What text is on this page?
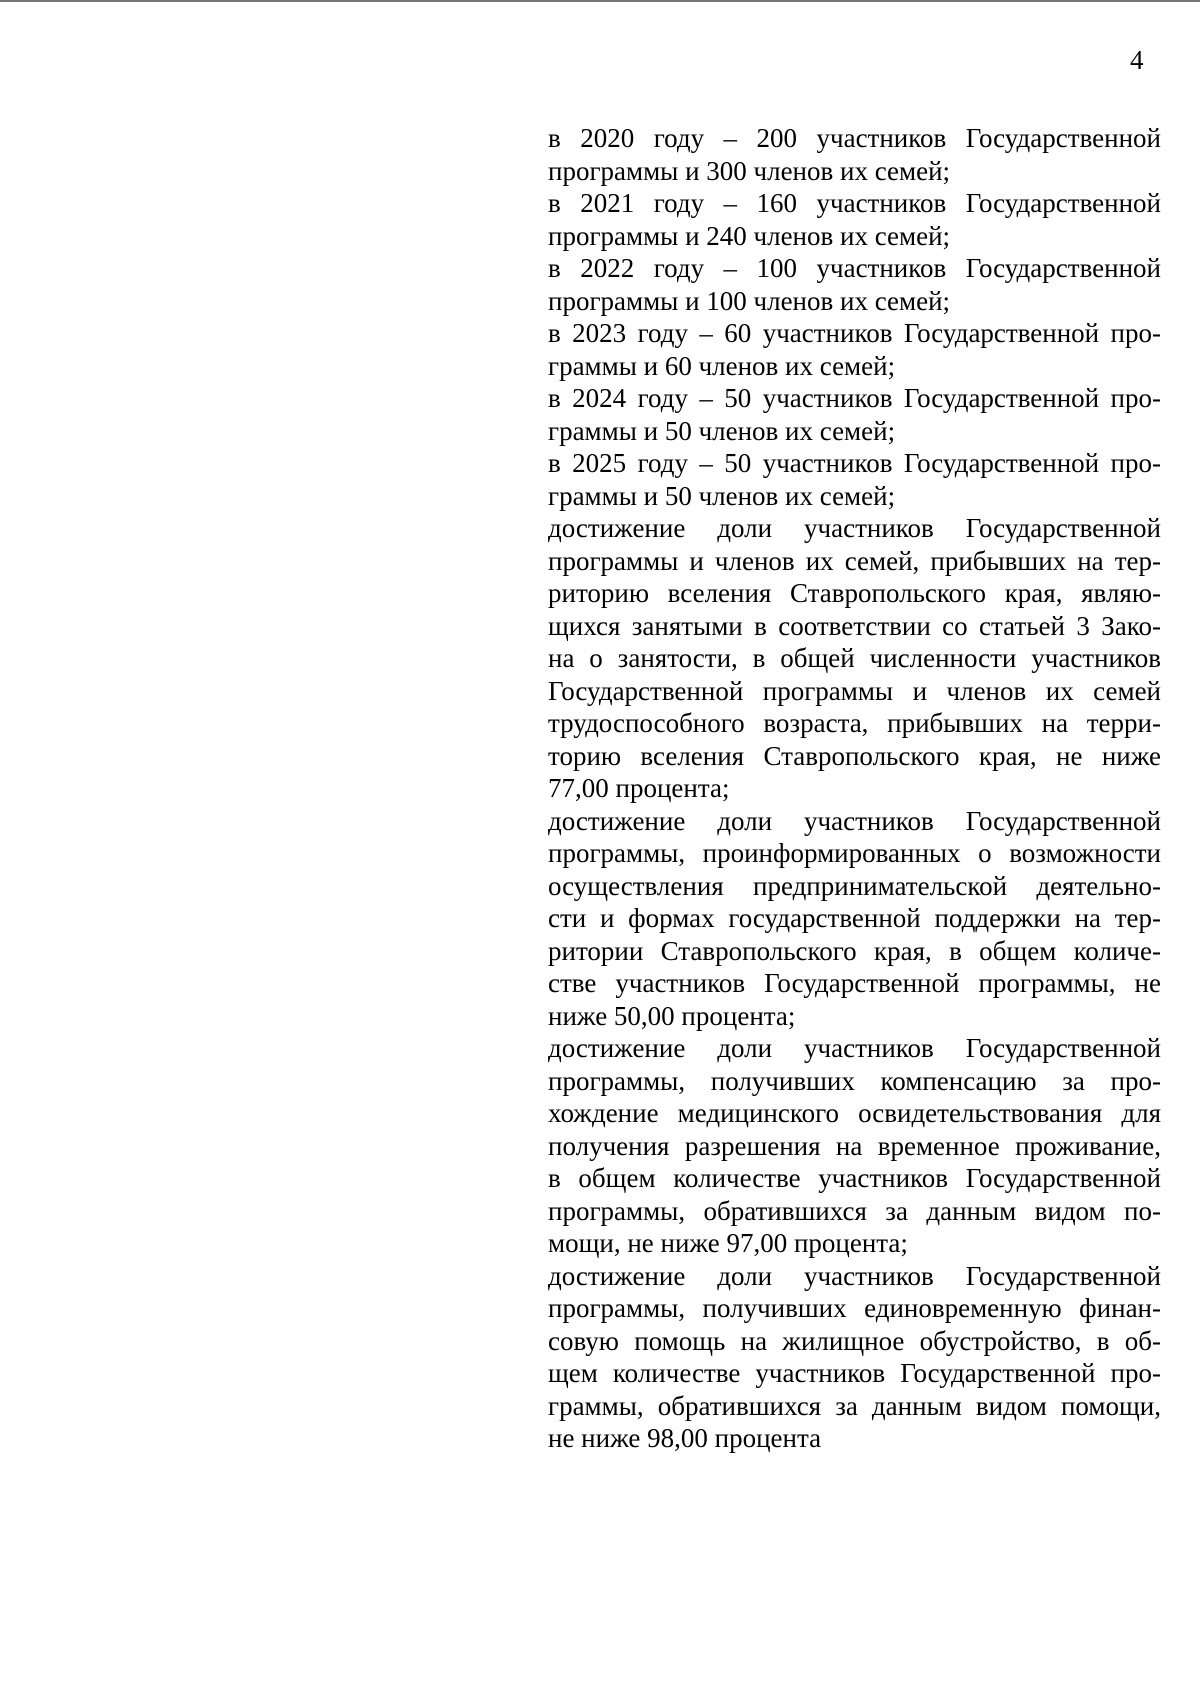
4
в 2020 году – 200 участников Государственной
программы и 300 членов их семей;
в 2021 году – 160 участников Государственной
программы и 240 членов их семей;
в 2022 году – 100 участников Государственной
программы и 100 членов их семей;
в 2023 году – 60 участников Государственной про-
граммы и 60 членов их семей;
в 2024 году – 50 участников Государственной про-
граммы и 50 членов их семей;
в 2025 году – 50 участников Государственной про-
граммы и 50 членов их семей;
достижение доли участников Государственной
программы и членов их семей, прибывших на тер-
риторию вселения Ставропольского края, являю-
щихся занятыми в соответствии со статьей 3 Зако-
на о занятости, в общей численности участников
Государственной программы и членов их семей
трудоспособного возраста, прибывших на терри-
торию вселения Ставропольского края, не ниже
77,00 процента;
достижение доли участников Государственной
программы, проинформированных о возможности
осуществления предпринимательской деятельно-
сти и формах государственной поддержки на тер-
ритории Ставропольского края, в общем количе-
стве участников Государственной программы, не
ниже 50,00 процента;
достижение доли участников Государственной
программы, получивших компенсацию за про-
хождение медицинского освидетельствования для
получения разрешения на временное проживание,
в общем количестве участников Государственной
программы, обратившихся за данным видом по-
мощи, не ниже 97,00 процента;
достижение доли участников Государственной
программы, получивших единовременную финан-
совую помощь на жилищное обустройство, в об-
щем количестве участников Государственной про-
граммы, обратившихся за данным видом помощи,
не ниже 98,00 процента
